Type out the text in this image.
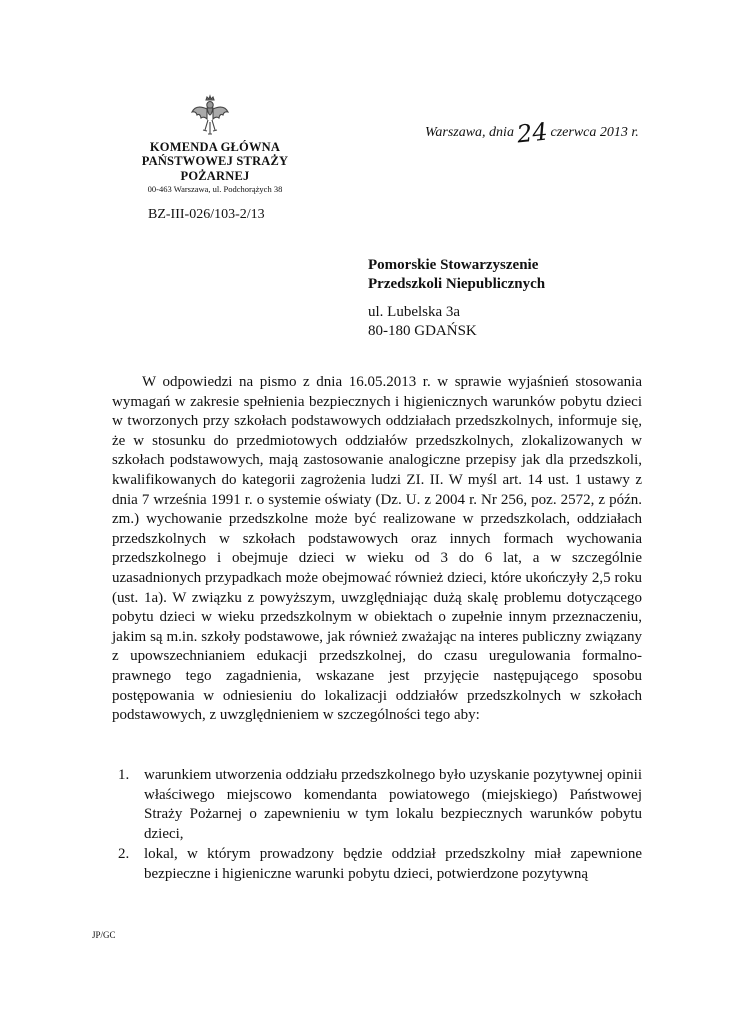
KOMENDA GŁÓWNA
PAŃSTWOWEJ STRAŻY POŻARNEJ
00-463 Warszawa, ul. Podchorążych 38
BZ-III-026/103-2/13
Warszawa, dnia24 czerwca 2013 r.
Pomorskie Stowarzyszenie
Przedszkoli Niepublicznych
ul. Lubelska 3a
80-180 GDAŃSK
W odpowiedzi na pismo z dnia 16.05.2013 r. w sprawie wyjaśnień stosowania wymagań w zakresie spełnienia bezpiecznych i higienicznych warunków pobytu dzieci w tworzonych przy szkołach podstawowych oddziałach przedszkolnych, informuje się, że w stosunku do przedmiotowych oddziałów przedszkolnych, zlokalizowanych w szkołach podstawowych, mają zastosowanie analogiczne przepisy jak dla przedszkoli, kwalifikowanych do kategorii zagrożenia ludzi ZI. II. W myśl art. 14 ust. 1 ustawy z dnia 7 września 1991 r. o systemie oświaty (Dz. U. z 2004 r. Nr 256, poz. 2572, z późn. zm.) wychowanie przedszkolne może być realizowane w przedszkolach, oddziałach przedszkolnych w szkołach podstawowych oraz innych formach wychowania przedszkolnego i obejmuje dzieci w wieku od 3 do 6 lat, a w szczególnie uzasadnionych przypadkach może obejmować również dzieci, które ukończyły 2,5 roku (ust. 1a). W związku z powyższym, uwzględniając dużą skalę problemu dotyczącego pobytu dzieci w wieku przedszkolnym w obiektach o zupełnie innym przeznaczeniu, jakim są m.in. szkoły podstawowe, jak również zważając na interes publiczny związany z upowszechnianiem edukacji przedszkolnej, do czasu uregulowania formalno-prawnego tego zagadnienia, wskazane jest przyjęcie następującego sposobu postępowania w odniesieniu do lokalizacji oddziałów przedszkolnych w szkołach podstawowych, z uwzględnieniem w szczególności tego aby:
1. warunkiem utworzenia oddziału przedszkolnego było uzyskanie pozytywnej opinii właściwego miejscowo komendanta powiatowego (miejskiego) Państwowej Straży Pożarnej o zapewnieniu w tym lokalu bezpiecznych warunków pobytu dzieci,
2. lokal, w którym prowadzony będzie oddział przedszkolny miał zapewnione bezpieczne i higieniczne warunki pobytu dzieci, potwierdzone pozytywną
JP/GC
